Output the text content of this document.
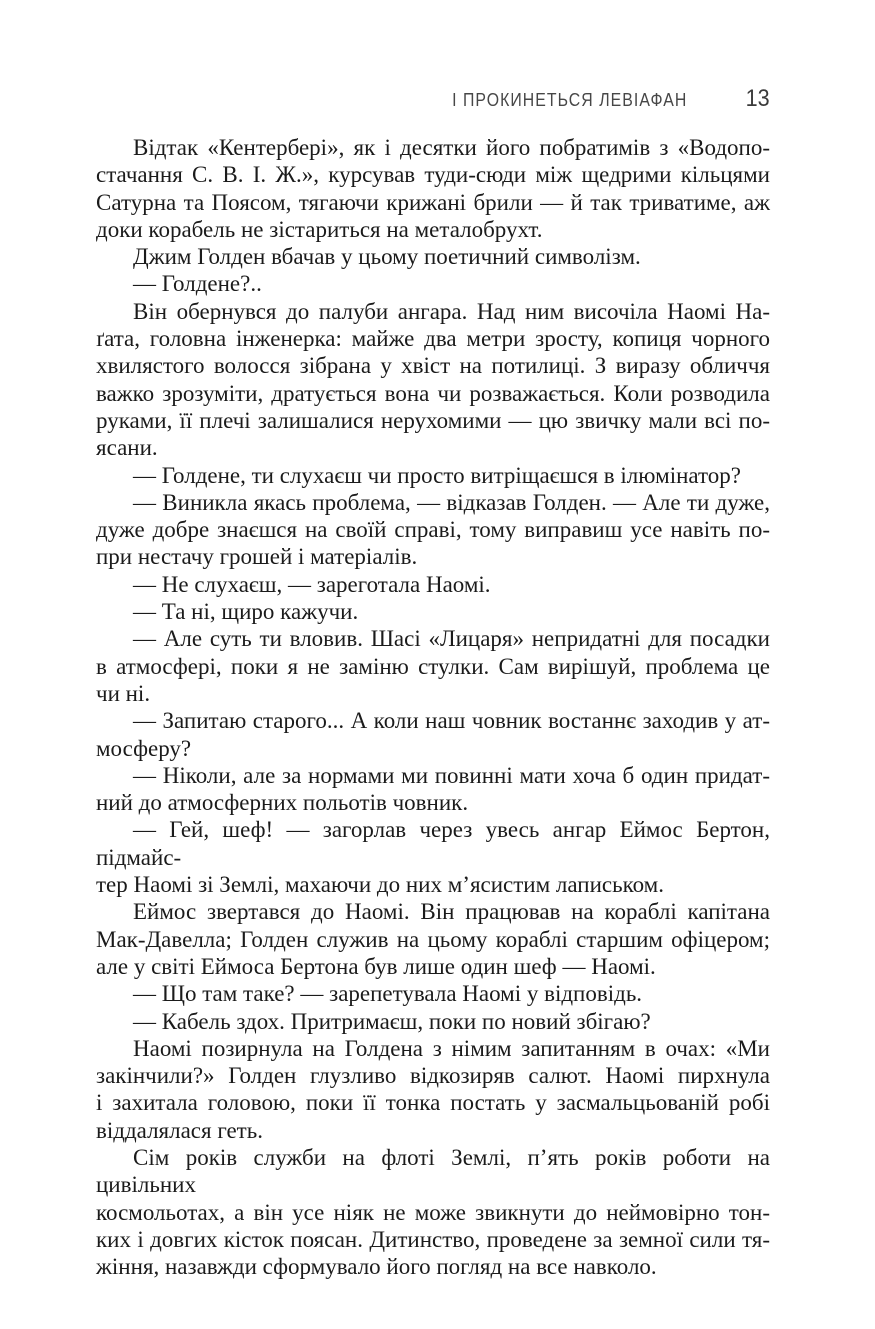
І ПРОКИНЕТЬСЯ ЛЕВІАФАН 13
Відтак «Кентербері», як і десятки його побратимів з «Водопо-
стачання С. В. І. Ж.», курсував туди-сюди між щедрими кільцями
Сатурна та Поясом, тягаючи крижані брили — й так триватиме, аж
доки корабель не зістариться на металобрухт.
Джим Голден вбачав у цьому поетичний символізм.
— Голдене?..
Він обернувся до палуби ангара. Над ним височіла Наомі На-
ґата, головна інженерка: майже два метри зросту, копиця чорного
хвилястого волосся зібрана у хвіст на потилиці. З виразу обличчя
важко зрозуміти, дратується вона чи розважається. Коли розводила
руками, її плечі залишалися нерухомими — цю звичку мали всі по-
ясани.
— Голдене, ти слухаєш чи просто витріщаєшся в ілюмінатор?
— Виникла якась проблема, — відказав Голден. — Але ти дуже,
дуже добре знаєшся на своїй справі, тому виправиш усе навіть по-
при нестачу грошей і матеріалів.
— Не слухаєш, — зареготала Наомі.
— Та ні, щиро кажучи.
— Але суть ти вловив. Шасі «Лицаря» непридатні для посадки
в атмосфері, поки я не заміню стулки. Сам вирішуй, проблема це
чи ні.
— Запитаю старого... А коли наш човник востаннє заходив у ат-
мосферу?
— Ніколи, але за нормами ми повинні мати хоча б один придат-
ний до атмосферних польотів човник.
— Гей, шеф! — загорлав через увесь ангар Еймос Бертон, підмайс-
тер Наомі зі Землі, махаючи до них м’ясистим лаписьком.
Еймос звертався до Наомі. Він працював на кораблі капітана
Мак-Давелла; Голден служив на цьому кораблі старшим офіцером;
але у світі Еймоса Бертона був лише один шеф — Наомі.
— Що там таке? — зарепетувала Наомі у відповідь.
— Кабель здох. Притримаєш, поки по новий збігаю?
Наомі позирнула на Голдена з німим запитанням в очах: «Ми
закінчили?» Голден глузливо відкозиряв салют. Наомі пирхнула
і захитала головою, поки її тонка постать у засмальцьованій робі
віддалялася геть.
Сім років служби на флоті Землі, п’ять років роботи на цивільних
космольотах, а він усе ніяк не може звикнути до неймовірно тон-
ких і довгих кісток поясан. Дитинство, проведене за земної сили тя-
жіння, назавжди сформувало його погляд на все навколо.
